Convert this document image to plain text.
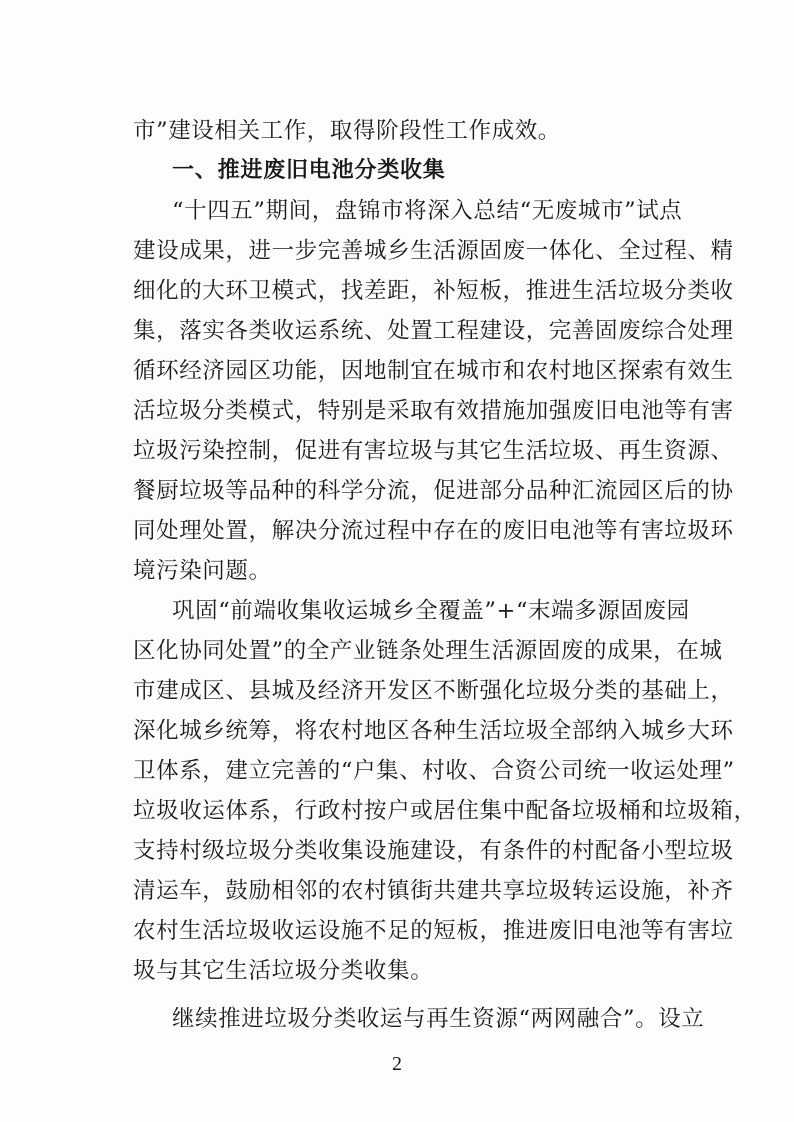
市”建设相关工作，取得阶段性工作成效。
一、推进废旧电池分类收集
“十四五”期间，盘锦市将深入总结“无废城市”试点
建设成果，进一步完善城乡生活源固废一体化、全过程、精
细化的大环卫模式，找差距，补短板，推进生活垃圾分类收
集，落实各类收运系统、处置工程建设，完善固废综合处理
循环经济园区功能，因地制宜在城市和农村地区探索有效生
活垃圾分类模式，特别是采取有效措施加强废旧电池等有害
垃圾污染控制，促进有害垃圾与其它生活垃圾、再生资源、
餐厨垃圾等品种的科学分流，促进部分品种汇流园区后的协
同处理处置，解决分流过程中存在的废旧电池等有害垃圾环
境污染问题。
巩固“前端收集收运城乡全覆盖”+“末端多源固废园
区化协同处置”的全产业链条处理生活源固废的成果，在城
市建成区、县城及经济开发区不断强化垃圾分类的基础上，
深化城乡统筹，将农村地区各种生活垃圾全部纳入城乡大环
卫体系，建立完善的“户集、村收、合资公司统一收运处理”
垃圾收运体系，行政村按户或居住集中配备垃圾桶和垃圾箱，
支持村级垃圾分类收集设施建设，有条件的村配备小型垃圾
清运车，鼓励相邻的农村镇街共建共享垃圾转运设施，补齐
农村生活垃圾收运设施不足的短板，推进废旧电池等有害垃
圾与其它生活垃圾分类收集。
继续推进垃圾分类收运与再生资源“两网融合”。设立
2
